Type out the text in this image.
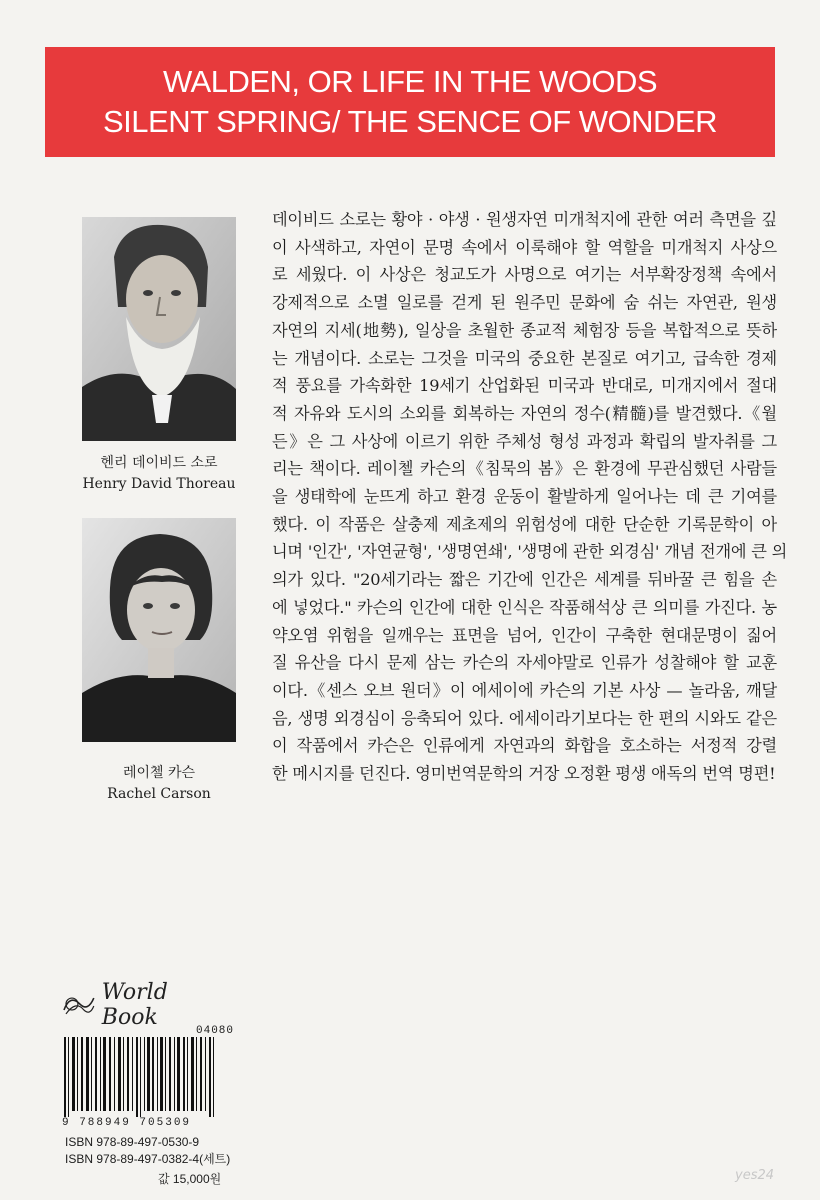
WALDEN, OR LIFE IN THE WOODS
SILENT SPRING/ THE SENCE OF WONDER
헨리 데이비드 소로
Henry David Thoreau
레이첼 카슨
Rachel Carson
데이비드 소로는 황야 · 야생 · 원생자연 미개척지에 관한 여러 측면을 깊
이 사색하고, 자연이 문명 속에서 이룩해야 할 역할을 미개척지 사상으
로 세웠다. 이 사상은 청교도가 사명으로 여기는 서부확장정책 속에서
강제적으로 소멸 일로를 걷게 된 원주민 문화에 숨 쉬는 자연관, 원생
자연의 지세(地勢), 일상을 초월한 종교적 체험장 등을 복합적으로 뜻하
는 개념이다. 소로는 그것을 미국의 중요한 본질로 여기고, 급속한 경제
적 풍요를 가속화한 19세기 산업화된 미국과 반대로, 미개지에서 절대
적 자유와 도시의 소외를 회복하는 자연의 정수(精髓)를 발견했다.《월
든》은 그 사상에 이르기 위한 주체성 형성 과정과 확립의 발자취를 그
리는 책이다. 레이첼 카슨의《침묵의 봄》은 환경에 무관심했던 사람들
을 생태학에 눈뜨게 하고 환경 운동이 활발하게 일어나는 데 큰 기여를
했다. 이 작품은 살충제 제초제의 위험성에 대한 단순한 기록문학이 아
니며 '인간', '자연균형', '생명연쇄', '생명에 관한 외경심' 개념 전개에 큰 의
의가 있다. "20세기라는 짧은 기간에 인간은 세계를 뒤바꿀 큰 힘을 손
에 넣었다." 카슨의 인간에 대한 인식은 작품해석상 큰 의미를 가진다. 농
약오염 위험을 일깨우는 표면을 넘어, 인간이 구축한 현대문명이 짊어
질 유산을 다시 문제 삼는 카슨의 자세야말로 인류가 성찰해야 할 교훈
이다.《센스 오브 원더》이 에세이에 카슨의 기본 사상 — 놀라움, 깨달
음, 생명 외경심이 응축되어 있다. 에세이라기보다는 한 편의 시와도 같은
이 작품에서 카슨은 인류에게 자연과의 화합을 호소하는 서정적 강렬
한 메시지를 던진다. 영미번역문학의 거장 오정환 평생 애독의 번역 명편!
World Book
04080
9 788949 705309
ISBN 978-89-497-0530-9
ISBN 978-89-497-0382-4(세트)
값 15,000원	yes24
